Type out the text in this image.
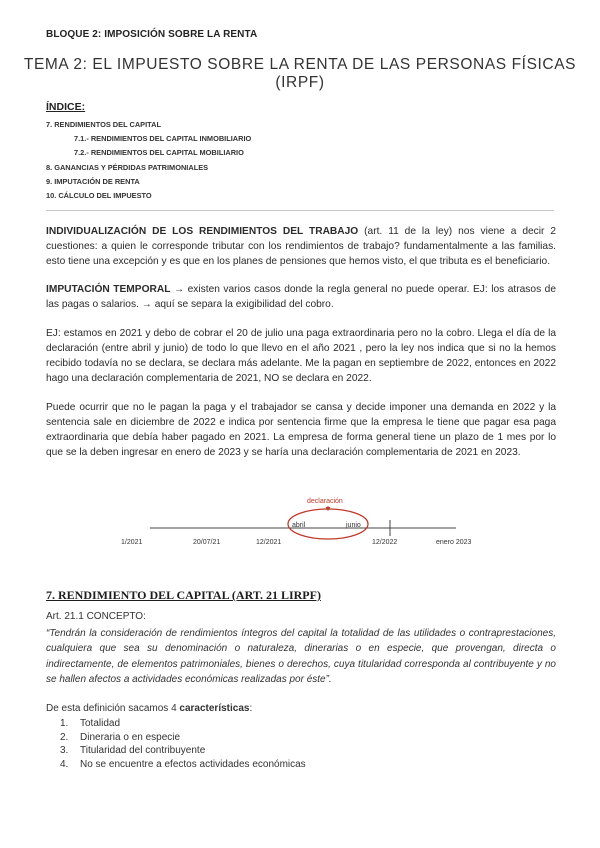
BLOQUE 2: IMPOSICIÓN SOBRE LA RENTA
TEMA 2: EL IMPUESTO SOBRE LA RENTA DE LAS PERSONAS FÍSICAS (IRPF)
ÍNDICE:
7. RENDIMIENTOS DEL CAPITAL
7.1.- RENDIMIENTOS DEL CAPITAL INMOBILIARIO
7.2.- RENDIMIENTOS DEL CAPITAL MOBILIARIO
8. GANANCIAS Y PÉRDIDAS PATRIMONIALES
9. IMPUTACIÓN DE RENTA
10. CÁLCULO DEL IMPUESTO
INDIVIDUALIZACIÓN DE LOS RENDIMIENTOS DEL TRABAJO (art. 11 de la ley) nos viene a decir 2 cuestiones: a quien le corresponde tributar con los rendimientos de trabajo? fundamentalmente a las familias. esto tiene una excepción y es que en los planes de pensiones que hemos visto, el que tributa es el beneficiario.
IMPUTACIÓN TEMPORAL → existen varios casos donde la regla general no puede operar. EJ: los atrasos de las pagas o salarios. → aquí se separa la exigibilidad del cobro.
EJ: estamos en 2021 y debo de cobrar el 20 de julio una paga extraordinaria pero no la cobro. Llega el día de la declaración (entre abril y junio) de todo lo que llevo en el año 2021 , pero la ley nos indica que si no la hemos recibido todavía no se declara, se declara más adelante. Me la pagan en septiembre de 2022, entonces en 2022 hago una declaración complementaria de 2021, NO se declara en 2022.
Puede ocurrir que no le pagan la paga y el trabajador se cansa y decide imponer una demanda en 2022 y la sentencia sale en diciembre de 2022 e indica por sentencia firme que la empresa le tiene que pagar esa paga extraordinaria que debía haber pagado en 2021. La empresa de forma general tiene un plazo de 1 mes por lo que se la deben ingresar en enero de 2023 y se haría una declaración complementaria de 2021 en 2023.
declaración
abril	junio
1/2021	20/07/21	12/2021	12/2022	enero 2023
7. RENDIMIENTO DEL CAPITAL (ART. 21 LIRPF)
Art. 21.1 CONCEPTO:
“Tendrán la consideración de rendimientos íntegros del capital la totalidad de las utilidades o contraprestaciones, cualquiera que sea su denominación o naturaleza, dinerarias o en especie, que provengan, directa o indirectamente, de elementos patrimoniales, bienes o derechos, cuya titularidad corresponda al contribuyente y no se hallen afectos a actividades económicas realizadas por éste”.
De esta definición sacamos 4 características:
1. Totalidad
2. Dineraria o en especie
3. Titularidad del contribuyente
4. No se encuentre a efectos actividades económicas
